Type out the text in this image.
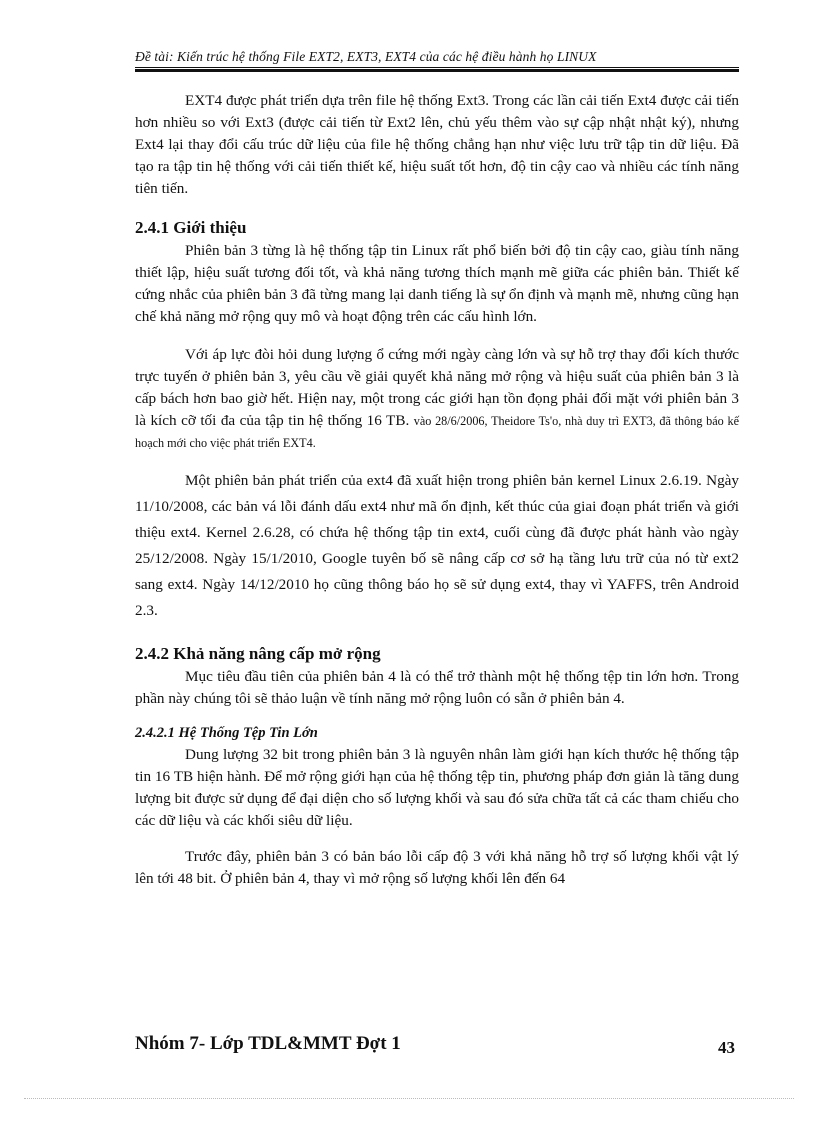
Đề tài: Kiến trúc hệ thống File EXT2, EXT3, EXT4 của các hệ điều hành họ LINUX

EXT4 được phát triển dựa trên file hệ thống Ext3. Trong các lần cải tiến Ext4 được cải tiến hơn nhiều so với Ext3 (được cải tiến từ Ext2 lên, chủ yếu thêm vào sự cập nhật nhật ký), nhưng Ext4 lại thay đổi cấu trúc dữ liệu của file hệ thống chẳng hạn như việc lưu trữ tập tin dữ liệu. Đã tạo ra tập tin hệ thống với cải tiến thiết kế, hiệu suất tốt hơn, độ tin cậy cao và nhiều các tính năng tiên tiến.

2.4.1 Giới thiệu

Phiên bản 3 từng là hệ thống tập tin Linux rất phổ biến bởi độ tin cậy cao, giàu tính năng thiết lập, hiệu suất tương đối tốt, và khả năng tương thích mạnh mẽ giữa các phiên bản. Thiết kế cứng nhắc của phiên bản 3 đã từng mang lại danh tiếng là sự ổn định và mạnh mẽ, nhưng cũng hạn chế khả năng mở rộng quy mô và hoạt động trên các cấu hình lớn.

Với áp lực đòi hỏi dung lượng ổ cứng mới ngày càng lớn và sự hỗ trợ thay đổi kích thước trực tuyến ở phiên bản 3, yêu cầu về giải quyết khả năng mở rộng và hiệu suất của phiên bản 3 là cấp bách hơn bao giờ hết. Hiện nay, một trong các giới hạn tồn đọng phải đối mặt với phiên bản 3 là kích cỡ tối đa của tập tin hệ thống 16 TB. vào 28/6/2006, Theidore Ts'o, nhà duy trì EXT3, đã thông báo kế hoạch mới cho việc phát triển EXT4.

Một phiên bản phát triển của ext4 đã xuất hiện trong phiên bản kernel Linux 2.6.19. Ngày 11/10/2008, các bản vá lỗi đánh dấu ext4 như mã ổn định, kết thúc của giai đoạn phát triển và giới thiệu ext4. Kernel 2.6.28, có chứa hệ thống tập tin ext4, cuối cùng đã được phát hành vào ngày 25/12/2008. Ngày 15/1/2010, Google tuyên bố sẽ nâng cấp cơ sở hạ tầng lưu trữ của nó từ ext2 sang ext4. Ngày 14/12/2010 họ cũng thông báo họ sẽ sử dụng ext4, thay vì YAFFS, trên Android 2.3.

2.4.2 Khả năng nâng cấp mở rộng

Mục tiêu đầu tiên của phiên bản 4 là có thể trở thành một hệ thống tệp tin lớn hơn. Trong phần này chúng tôi sẽ thảo luận về tính năng mở rộng luôn có sẵn ở phiên bản 4.

2.4.2.1 Hệ Thống Tệp Tin Lớn

Dung lượng 32 bit trong phiên bản 3 là nguyên nhân làm giới hạn kích thước hệ thống tập tin 16 TB hiện hành. Để mở rộng giới hạn của hệ thống tệp tin, phương pháp đơn giản là tăng dung lượng bit được sử dụng để đại diện cho số lượng khối và sau đó sửa chữa tất cả các tham chiếu cho các dữ liệu và các khối siêu dữ liệu.

Trước đây, phiên bản 3 có bản báo lỗi cấp độ 3 với khả năng hỗ trợ số lượng khối vật lý lên tới 48 bit. Ở phiên bản 4, thay vì mở rộng số lượng khối lên đến 64

Nhóm 7- Lớp TDL&MMT Đợt 1	43
